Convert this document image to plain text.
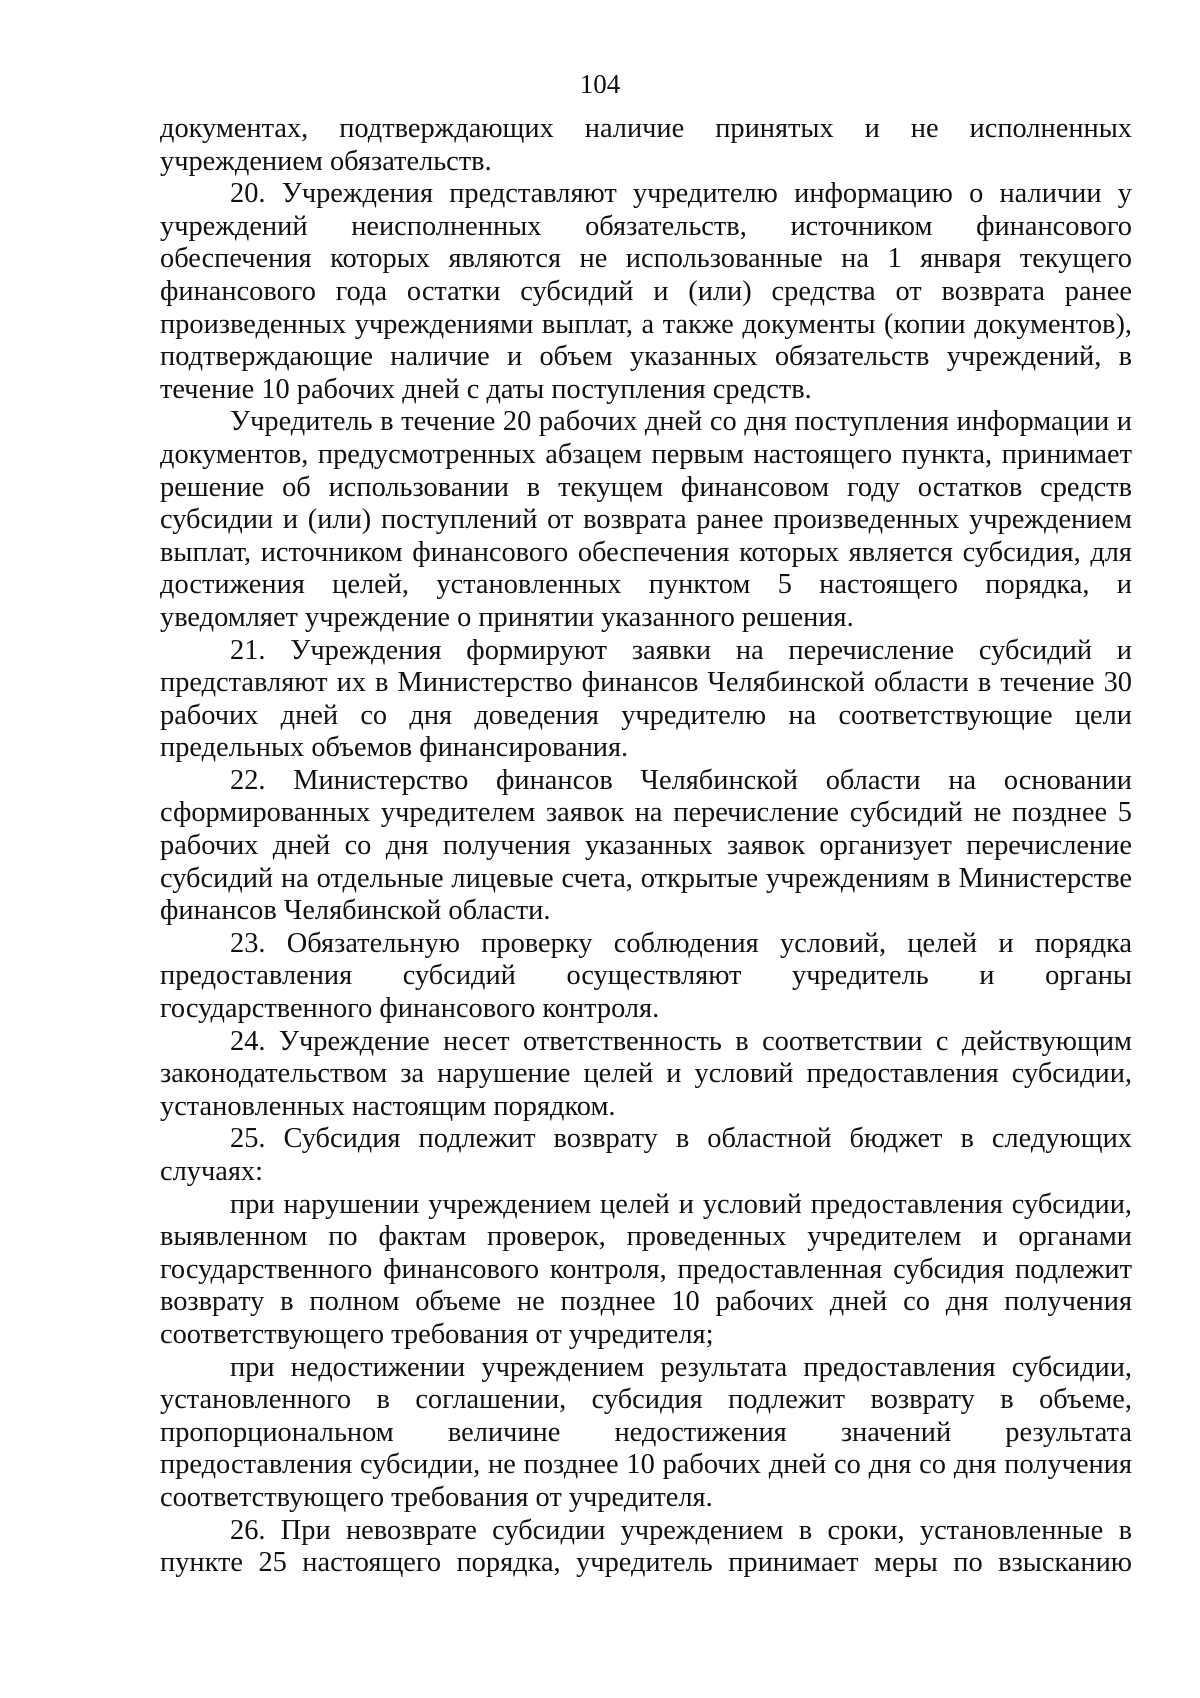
104
документах, подтверждающих наличие принятых и не исполненных
учреждением обязательств.
20. Учреждения представляют учредителю информацию о наличии у
учреждений неисполненных обязательств, источником финансового
обеспечения которых являются не использованные на 1 января текущего
финансового года остатки субсидий и (или) средства от возврата ранее
произведенных учреждениями выплат, а также документы (копии документов),
подтверждающие наличие и объем указанных обязательств учреждений, в
течение 10 рабочих дней с даты поступления средств.
Учредитель в течение 20 рабочих дней со дня поступления информации и
документов, предусмотренных абзацем первым настоящего пункта, принимает
решение об использовании в текущем финансовом году остатков средств
субсидии и (или) поступлений от возврата ранее произведенных учреждением
выплат, источником финансового обеспечения которых является субсидия, для
достижения целей, установленных пунктом 5 настоящего порядка, и
уведомляет учреждение о принятии указанного решения.
21. Учреждения формируют заявки на перечисление субсидий и
представляют их в Министерство финансов Челябинской области в течение 30
рабочих дней со дня доведения учредителю на соответствующие цели
предельных объемов финансирования.
22. Министерство финансов Челябинской области на основании
сформированных учредителем заявок на перечисление субсидий не позднее 5
рабочих дней со дня получения указанных заявок организует перечисление
субсидий на отдельные лицевые счета, открытые учреждениям в Министерстве
финансов Челябинской области.
23. Обязательную проверку соблюдения условий, целей и порядка
предоставления субсидий осуществляют учредитель и органы
государственного финансового контроля.
24. Учреждение несет ответственность в соответствии с действующим
законодательством за нарушение целей и условий предоставления субсидии,
установленных настоящим порядком.
25. Субсидия подлежит возврату в областной бюджет в следующих
случаях:
при нарушении учреждением целей и условий предоставления субсидии,
выявленном по фактам проверок, проведенных учредителем и органами
государственного финансового контроля, предоставленная субсидия подлежит
возврату в полном объеме не позднее 10 рабочих дней со дня получения
соответствующего требования от учредителя;
при недостижении учреждением результата предоставления субсидии,
установленного в соглашении, субсидия подлежит возврату в объеме,
пропорциональном величине недостижения значений результата
предоставления субсидии, не позднее 10 рабочих дней со дня со дня получения
соответствующего требования от учредителя.
26. При невозврате субсидии учреждением в сроки, установленные в
пункте 25 настоящего порядка, учредитель принимает меры по взысканию
